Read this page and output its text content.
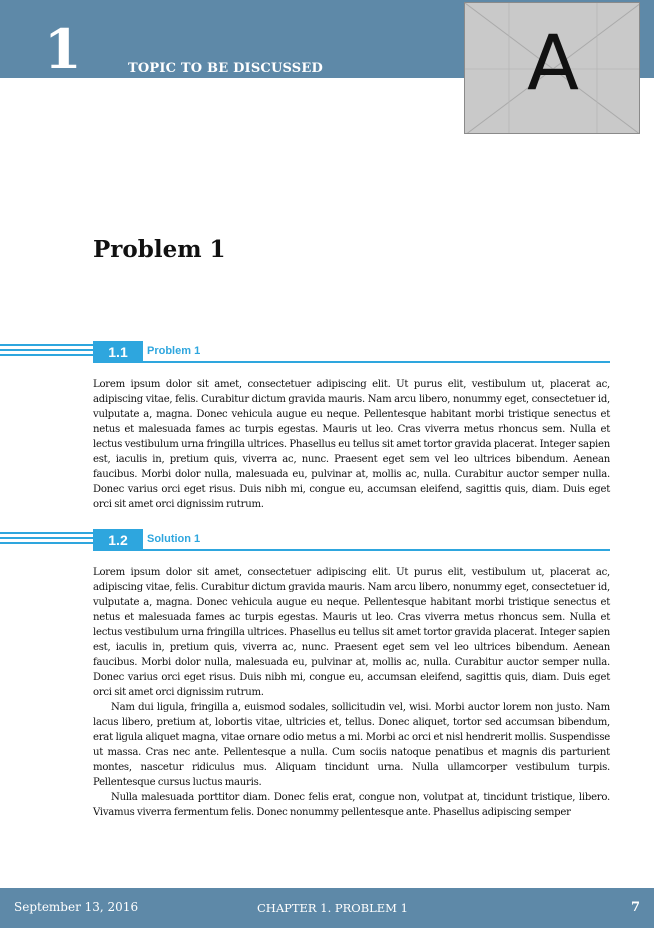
1	TOPIC TO BE DISCUSSED	A
Problem 1
1.1	Problem 1

Lorem ipsum dolor sit amet, consectetuer adipiscing elit. Ut purus elit, vestibulum ut, placerat ac, adipiscing vitae, felis. Curabitur dictum gravida mauris. Nam arcu libero, nonummy eget, consectetuer id, vulputate a, magna. Donec vehicula augue eu neque. Pellentesque habitant morbi tristique senectus et netus et malesuada fames ac turpis egestas. Mauris ut leo. Cras viverra metus rhoncus sem. Nulla et lectus vestibulum urna fringilla ultrices. Phasellus eu tellus sit amet tortor gravida placerat. Integer sapien est, iaculis in, pretium quis, viverra ac, nunc. Praesent eget sem vel leo ultrices bibendum. Aenean faucibus. Morbi dolor nulla, malesuada eu, pulvinar at, mollis ac, nulla. Curabitur auctor semper nulla. Donec varius orci eget risus. Duis nibh mi, congue eu, accumsan eleifend, sagittis quis, diam. Duis eget orci sit amet orci dignissim rutrum.

1.2	Solution 1

Lorem ipsum dolor sit amet, consectetuer adipiscing elit. Ut purus elit, vestibulum ut, placerat ac, adipiscing vitae, felis. Curabitur dictum gravida mauris. Nam arcu libero, nonummy eget, consectetuer id, vulputate a, magna. Donec vehicula augue eu neque. Pellentesque habitant morbi tristique senectus et netus et malesuada fames ac turpis egestas. Mauris ut leo. Cras viverra metus rhoncus sem. Nulla et lectus vestibulum urna fringilla ultrices. Phasellus eu tellus sit amet tortor gravida placerat. Integer sapien est, iaculis in, pretium quis, viverra ac, nunc. Praesent eget sem vel leo ultrices bibendum. Aenean faucibus. Morbi dolor nulla, malesuada eu, pulvinar at, mollis ac, nulla. Curabitur auctor semper nulla. Donec varius orci eget risus. Duis nibh mi, congue eu, accumsan eleifend, sagittis quis, diam. Duis eget orci sit amet orci dignissim rutrum.

Nam dui ligula, fringilla a, euismod sodales, sollicitudin vel, wisi. Morbi auctor lorem non justo. Nam lacus libero, pretium at, lobortis vitae, ultricies et, tellus. Donec aliquet, tortor sed accumsan bibendum, erat ligula aliquet magna, vitae ornare odio metus a mi. Morbi ac orci et nisl hendrerit mollis. Suspendisse ut massa. Cras nec ante. Pellentesque a nulla. Cum sociis natoque penatibus et magnis dis parturient montes, nascetur ridiculus mus. Aliquam tincidunt urna. Nulla ullamcorper vestibulum turpis. Pellentesque cursus luctus mauris.

Nulla malesuada porttitor diam. Donec felis erat, congue non, volutpat at, tincidunt tristique, libero. Vivamus viverra fermentum felis. Donec nonummy pellentesque ante. Phasellus adipiscing semper

September 13, 2016	CHAPTER 1. PROBLEM 1	7
